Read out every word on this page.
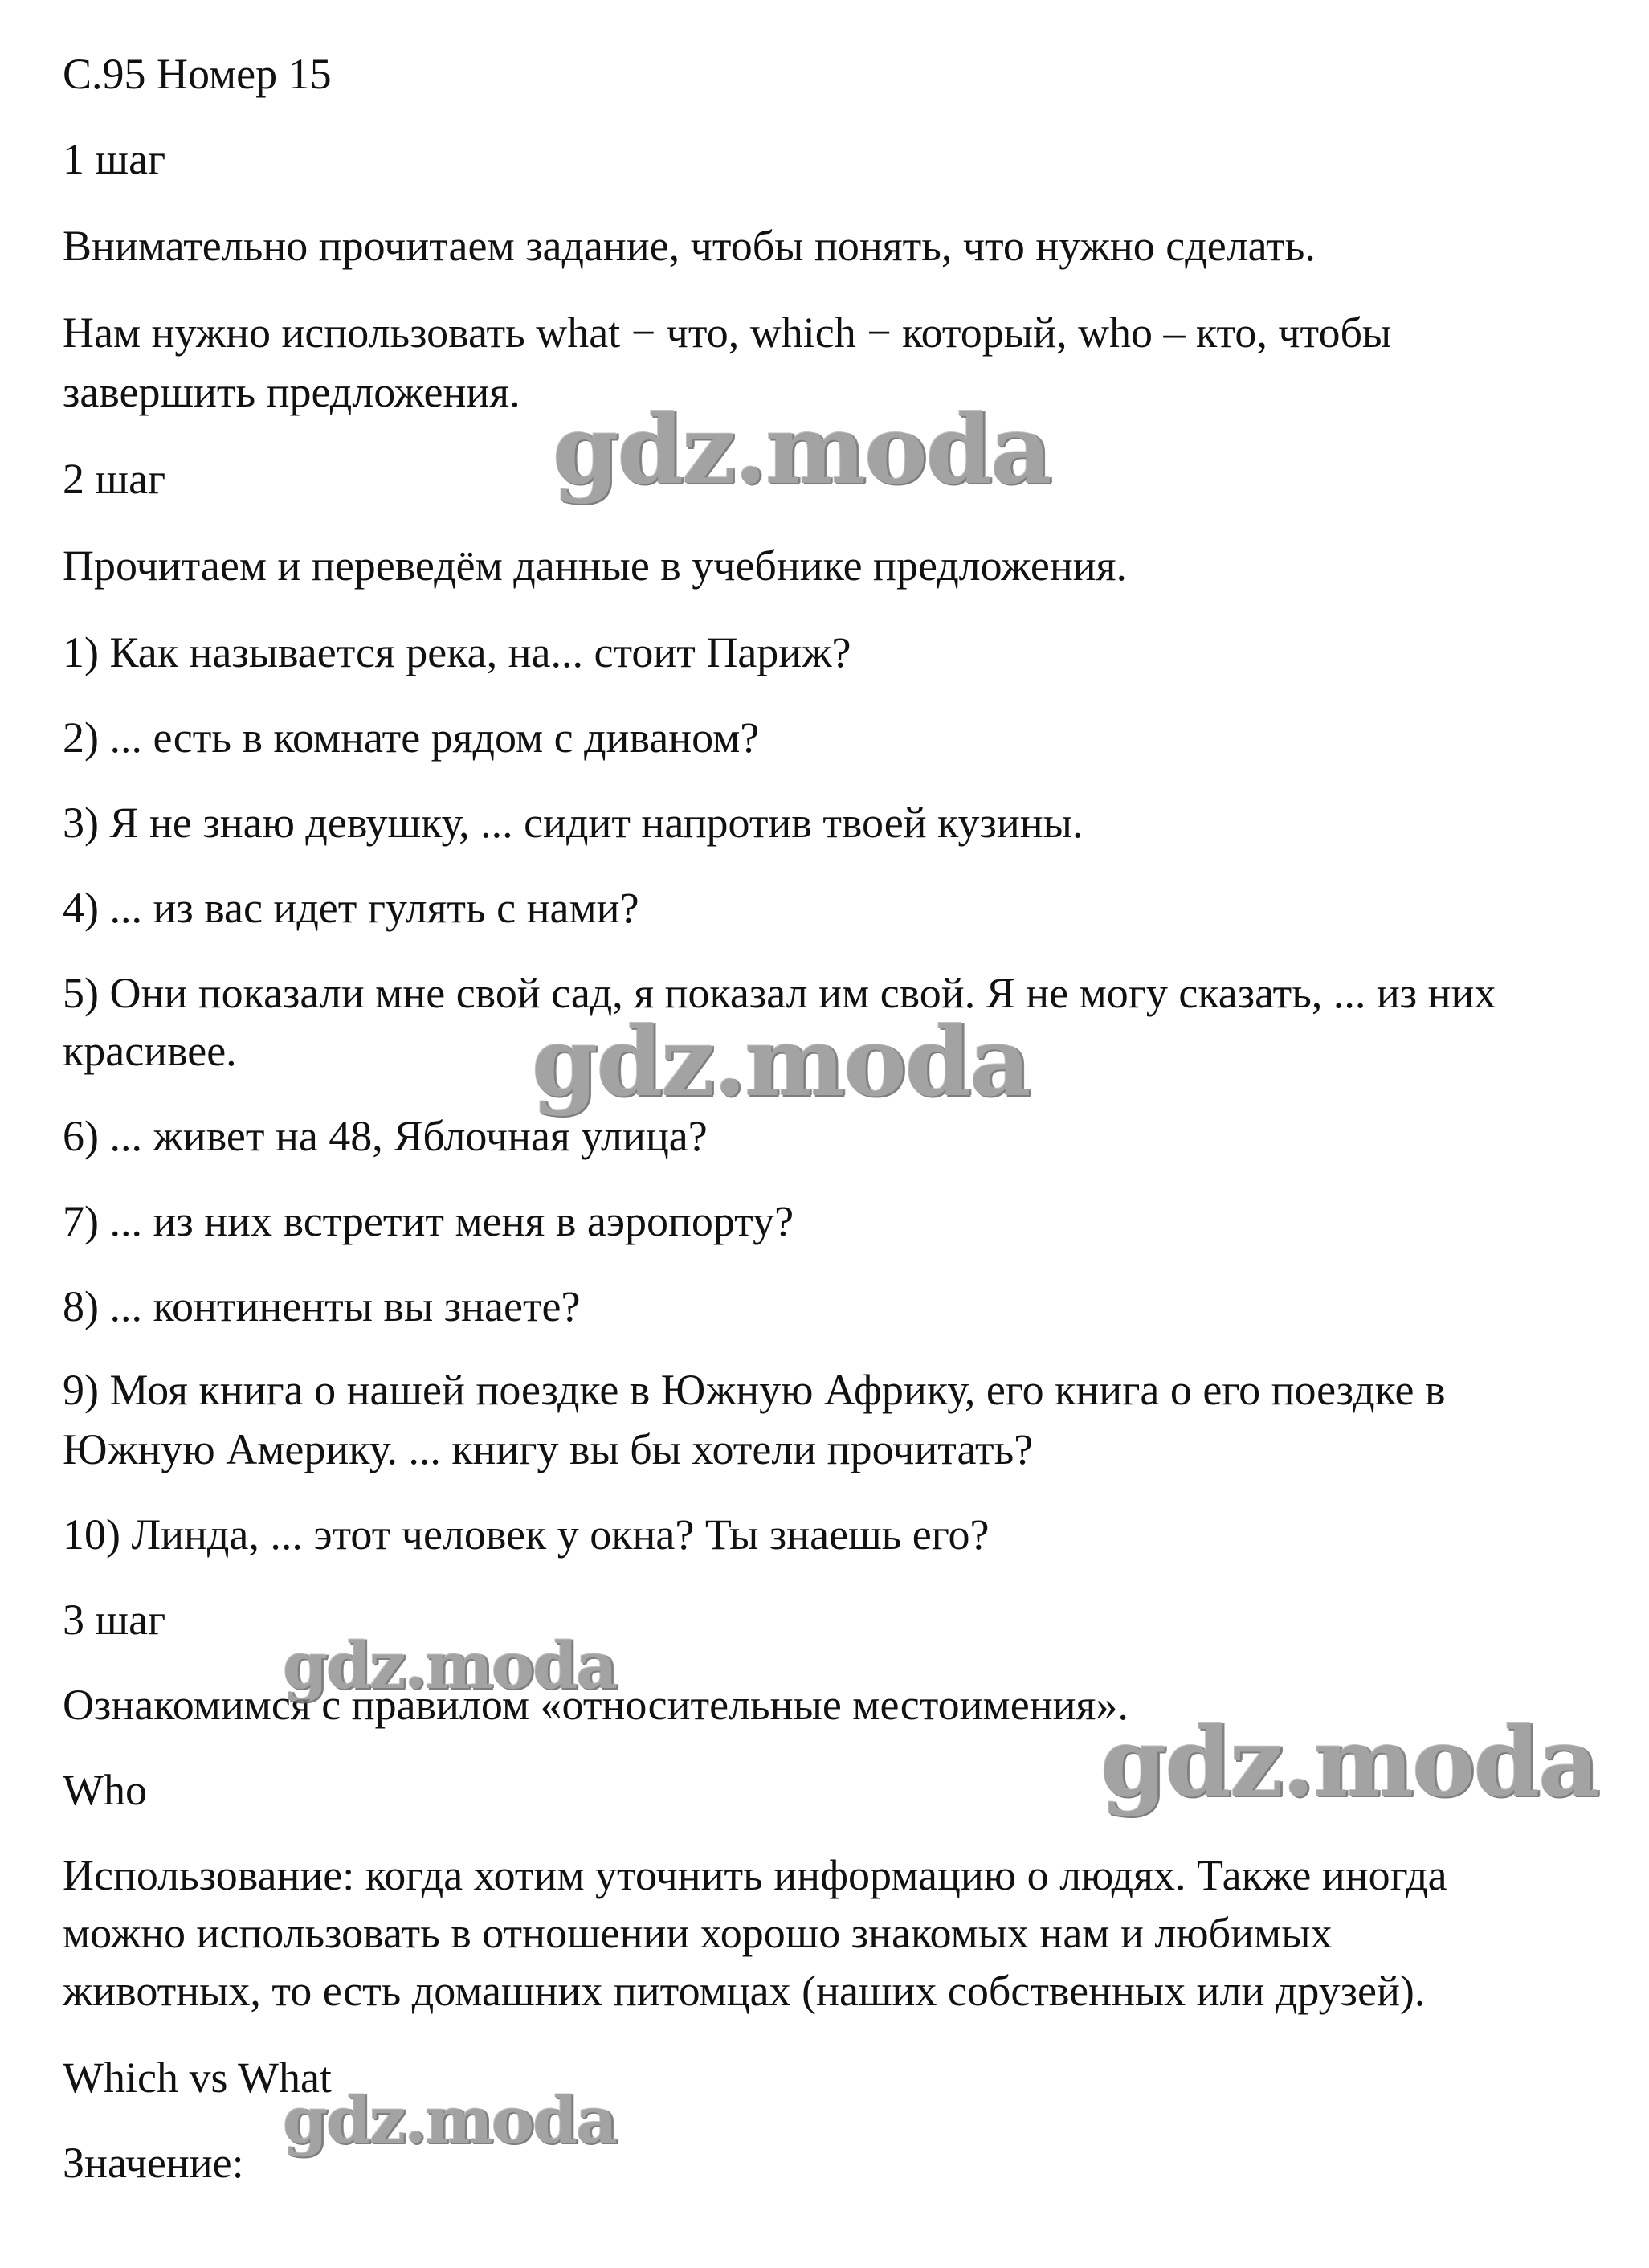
С.95 Номер 15

1 шаг

Внимательно прочитаем задание, чтобы понять, что нужно сделать.

Нам нужно использовать what − что, which − который, who – кто, чтобы

завершить предложения.

2 шаг

Прочитаем и переведём данные в учебнике предложения.

1) Как называется река, на... стоит Париж?

2) ... есть в комнате рядом с диваном?

3) Я не знаю девушку, ... сидит напротив твоей кузины.

4) ... из вас идет гулять с нами?

5) Они показали мне свой сад, я показал им свой. Я не могу сказать, ... из них

красивее.

6) ... живет на 48, Яблочная улица?

7) ... из них встретит меня в аэропорту?

8) ... континенты вы знаете?

9) Моя книга о нашей поездке в Южную Африку, его книга о его поездке в

Южную Америку. ... книгу вы бы хотели прочитать?

10) Линда, ... этот человек у окна? Ты знаешь его?

3 шаг

Ознакомимся с правилом «относительные местоимения».

Who

Использование: когда хотим уточнить информацию о людях. Также иногда

можно использовать в отношении хорошо знакомых нам и любимых

животных, то есть домашних питомцах (наших собственных или друзей).

Which vs What

Значение:

gdz.moda

gdz.moda

gdz.moda

gdz.moda

gdz.moda
